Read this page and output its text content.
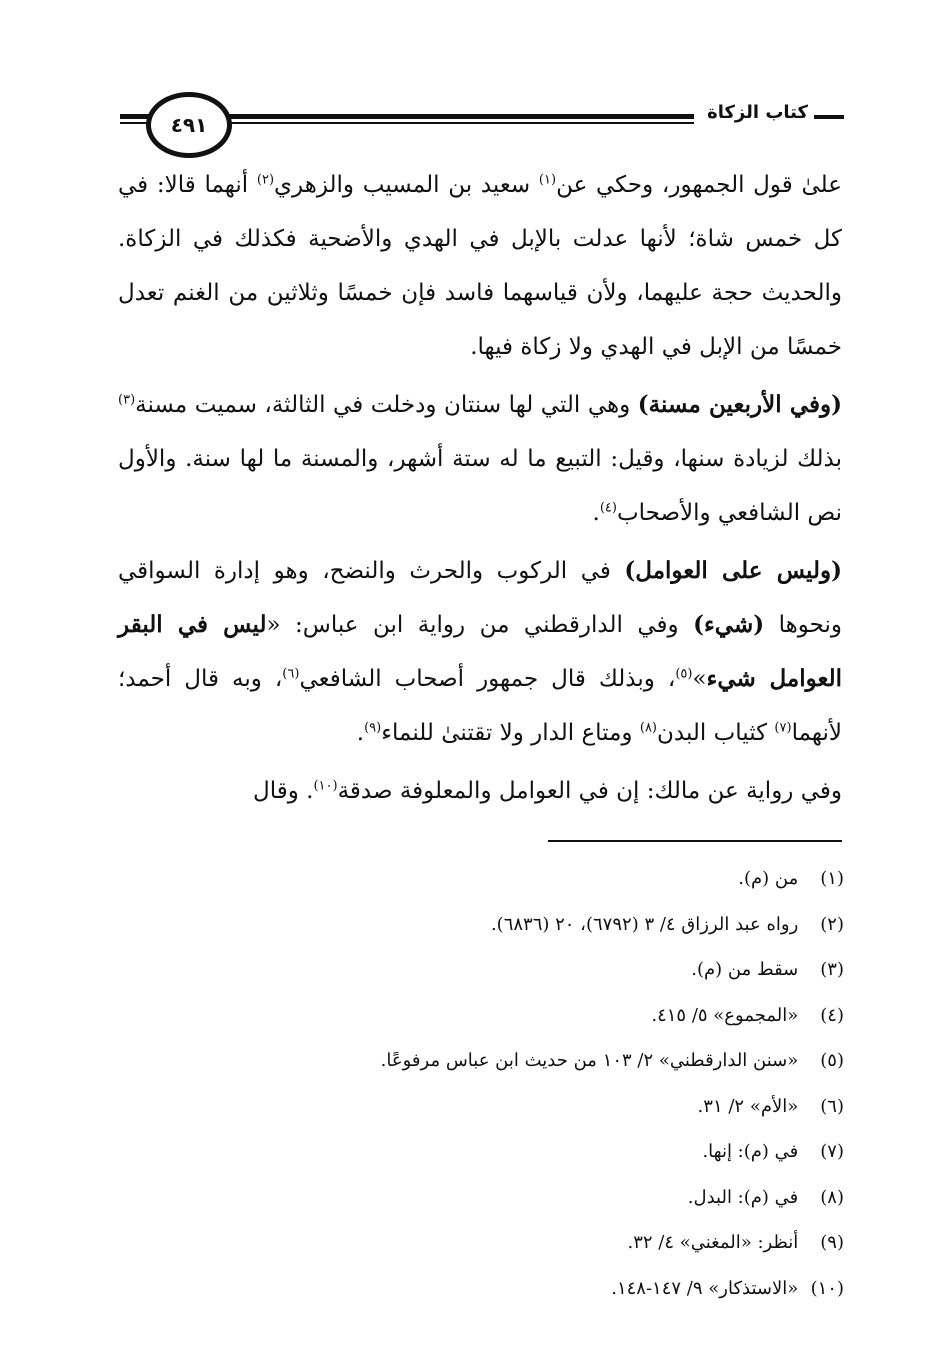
كتاب الزكاة
٤٩١

علىٰ قول الجمهور، وحكي عن$^{(١)}$ سعيد بن المسيب والزهري$^{(٢)}$ أنهما قالا: في كل خمس شاة؛ لأنها عدلت بالإبل في الهدي والأضحية فكذلك في الزكاة. والحديث حجة عليهما، ولأن قياسهما فاسد فإن خمسًا وثلاثين من الغنم تعدل خمسًا من الإبل في الهدي ولا زكاة فيها.

(وفي الأربعين مسنة) وهي التي لها سنتان ودخلت في الثالثة، سميت مسنة$^{(٣)}$ بذلك لزيادة سنها، وقيل: التبيع ما له ستة أشهر، والمسنة ما لها سنة. والأول نص الشافعي والأصحاب$^{(٤)}$.

(وليس على العوامل) في الركوب والحرث والنضح، وهو إدارة السواقي ونحوها (شيء) وفي الدارقطني من رواية ابن عباس: «ليس في البقر العوامل شيء»$^{(٥)}$، وبذلك قال جمهور أصحاب الشافعي$^{(٦)}$، وبه قال أحمد؛ لأنهما$^{(٧)}$ كثياب البدن$^{(٨)}$ ومتاع الدار ولا تقتنىٰ للنماء$^{(٩)}$.

وفي رواية عن مالك: إن في العوامل والمعلوفة صدقة$^{(١٠)}$. وقال

(١) من (م).
(٢) رواه عبد الرزاق ٤/ ٣ (٦٧٩٢)، ٢٠ (٦٨٣٦).
(٣) سقط من (م).
(٤) «المجموع» ٥/ ٤١٥.
(٥) «سنن الدارقطني» ٢/ ١٠٣ من حديث ابن عباس مرفوعًا.
(٦) «الأم» ٢/ ٣١.
(٧) في (م): إنها.
(٨) في (م): البدل.
(٩) أنظر: «المغني» ٤/ ٣٢.
(١٠) «الاستذكار» ٩/ ١٤٧-١٤٨.
